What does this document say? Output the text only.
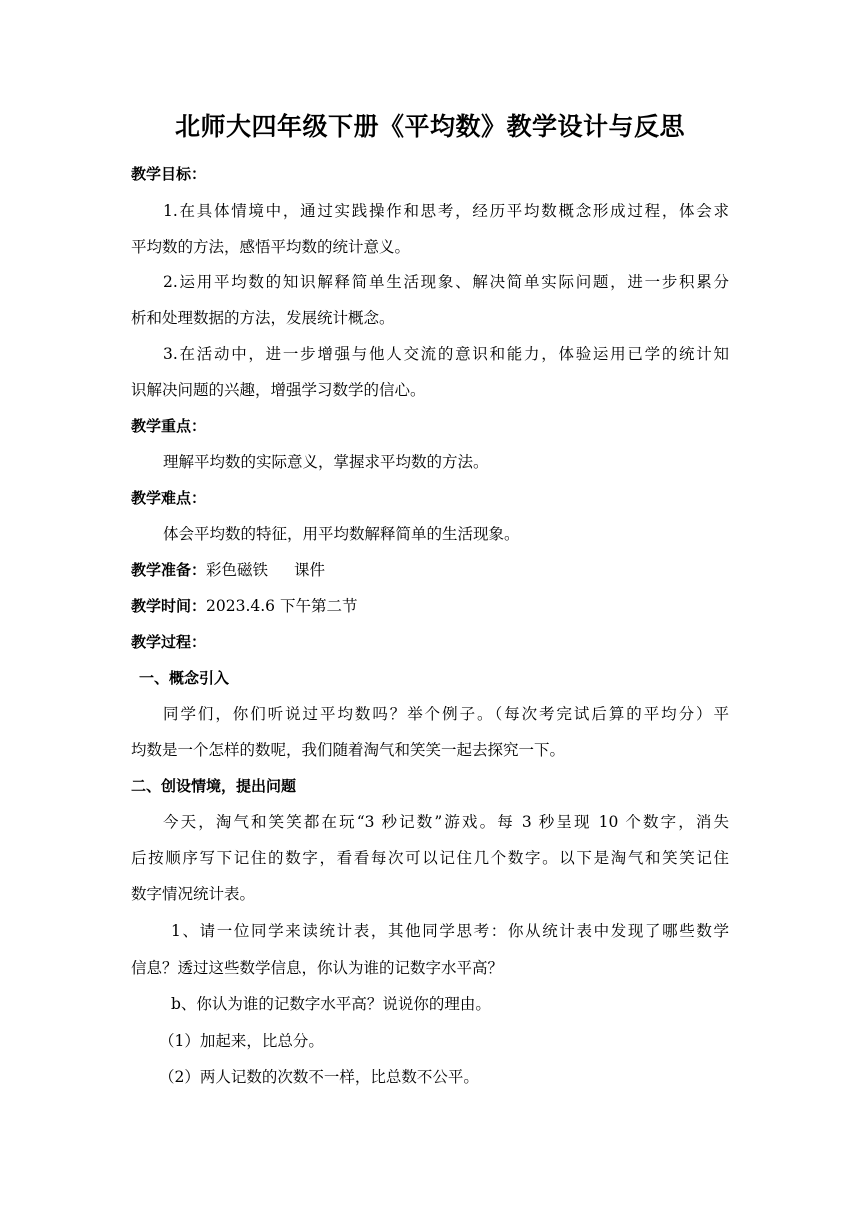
北师大四年级下册《平均数》教学设计与反思
教学目标：
1.在具体情境中，通过实践操作和思考，经历平均数概念形成过程，体会求
平均数的方法，感悟平均数的统计意义。
2.运用平均数的知识解释简单生活现象、解决简单实际问题，进一步积累分
析和处理数据的方法，发展统计概念。
3.在活动中，进一步增强与他人交流的意识和能力，体验运用已学的统计知
识解决问题的兴趣，增强学习数学的信心。
教学重点：
理解平均数的实际意义，掌握求平均数的方法。
教学难点：
体会平均数的特征，用平均数解释简单的生活现象。
教学准备：彩色磁铁 课件
教学时间：2023.4.6 下午第二节
教学过程：
一、概念引入
同学们，你们听说过平均数吗？举个例子。（每次考完试后算的平均分）平
均数是一个怎样的数呢，我们随着淘气和笑笑一起去探究一下。
二、创设情境，提出问题
今天，淘气和笑笑都在玩“3 秒记数”游戏。每 3 秒呈现 10 个数字，消失
后按顺序写下记住的数字，看看每次可以记住几个数字。以下是淘气和笑笑记住
数字情况统计表。
1、请一位同学来读统计表，其他同学思考：你从统计表中发现了哪些数学
信息？透过这些数学信息，你认为谁的记数字水平高？
b、你认为谁的记数字水平高？说说你的理由。
（1）加起来，比总分。
（2）两人记数的次数不一样，比总数不公平。
